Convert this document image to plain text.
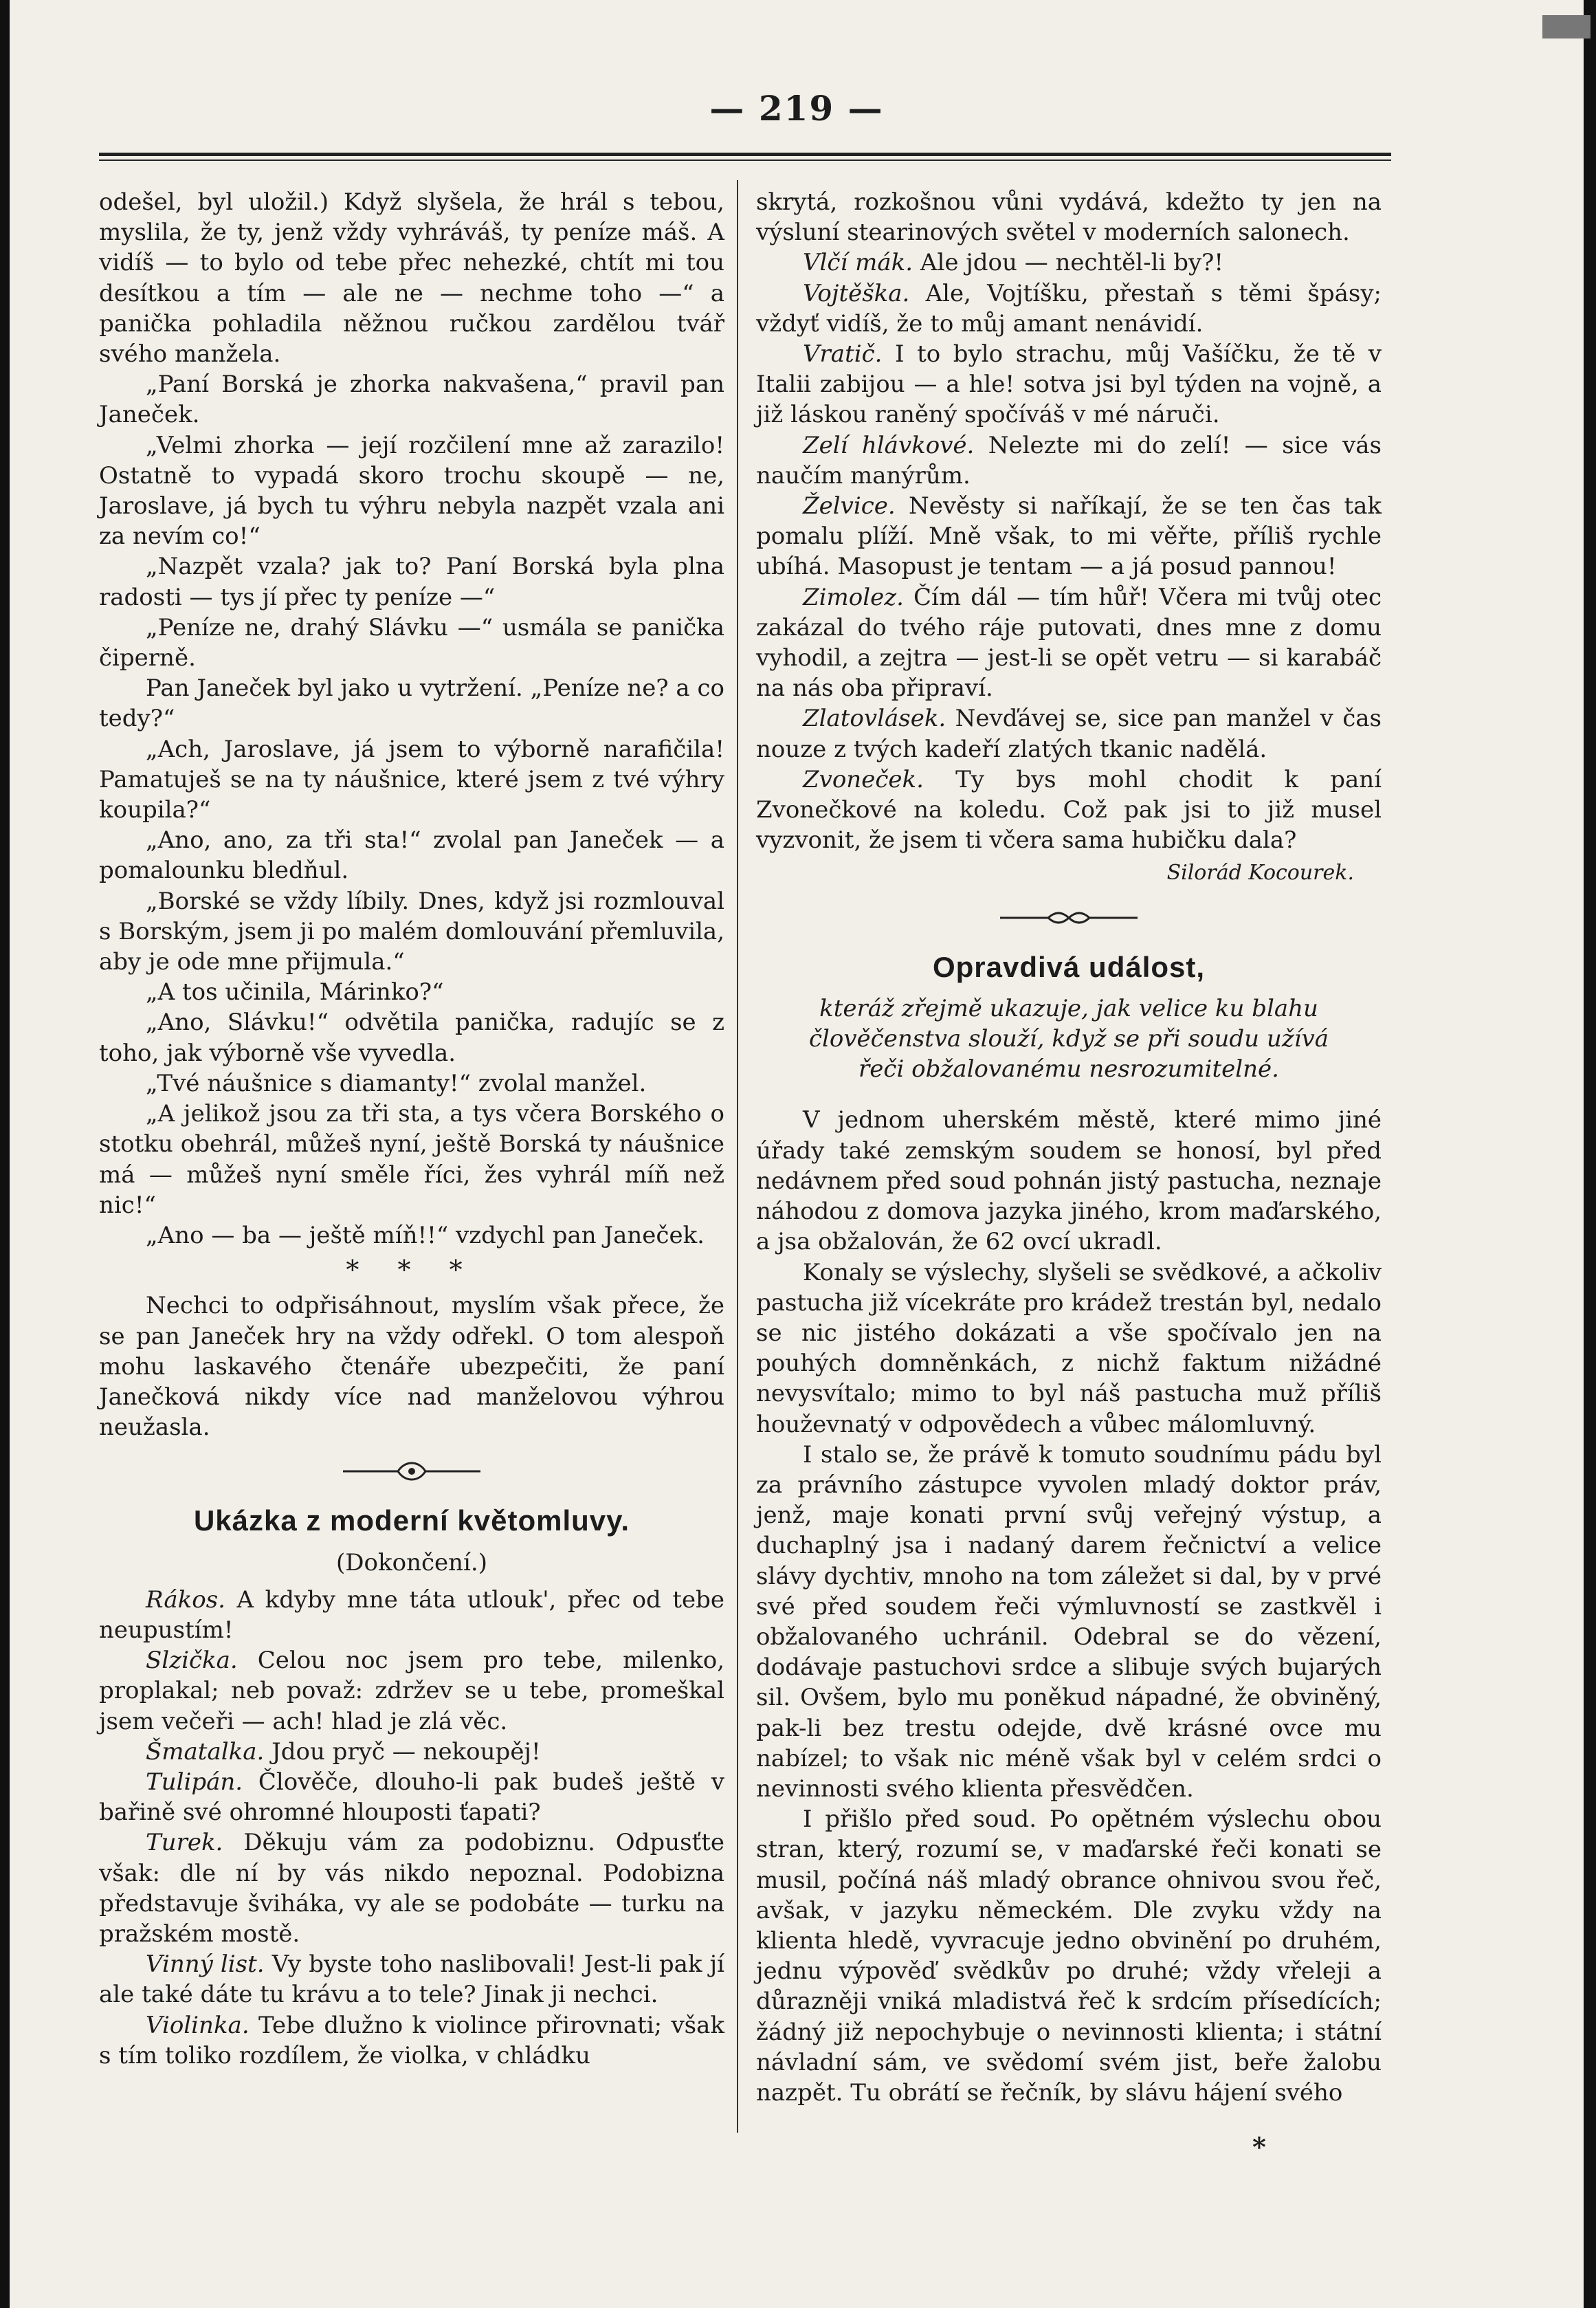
— 219 —

odešel, byl uložil.) Když slyšela, že hrál s tebou, myslila, že ty, jenž vždy vyhráváš, ty peníze máš. A vidíš — to bylo od tebe přec nehezké, chtít mi tou desítkou a tím — ale ne — nechme toho —“ a panička pohladila něžnou ručkou zardělou tvář svého manžela.

„Paní Borská je zhorka nakvašena,“ pravil pan Janeček.

„Velmi zhorka — její rozčilení mne až zarazilo! Ostatně to vypadá skoro trochu skoupě — ne, Jaroslave, já bych tu výhru nebyla nazpět vzala ani za nevím co!“

„Nazpět vzala? jak to? Paní Borská byla plna radosti — tys jí přec ty peníze —“

„Peníze ne, drahý Slávku —“ usmála se panička čiperně.

Pan Janeček byl jako u vytržení. „Peníze ne? a co tedy?“

„Ach, Jaroslave, já jsem to výborně narafičila! Pamatuješ se na ty náušnice, které jsem z tvé výhry koupila?“

„Ano, ano, za tři sta!“ zvolal pan Janeček — a pomalounku bledňul.

„Borské se vždy líbily. Dnes, když jsi rozmlouval s Borským, jsem ji po malém domlouvání přemluvila, aby je ode mne přijmula.“

„A tos učinila, Márinko?“

„Ano, Slávku!“ odvětila panička, radujíc se z toho, jak výborně vše vyvedla.

„Tvé náušnice s diamanty!“ zvolal manžel.

„A jelikož jsou za tři sta, a tys včera Borského o stotku obehrál, můžeš nyní, ještě Borská ty náušnice má — můžeš nyní směle říci, žes vyhrál míň než nic!“

„Ano — ba — ještě míň!!“ vzdychl pan Janeček.

* * *

Nechci to odpřisáhnout, myslím však přece, že se pan Janeček hry na vždy odřekl. O tom alespoň mohu laskavého čtenáře ubezpečiti, že paní Janečková nikdy více nad manželovou výhrou neužasla.

Ukázka z moderní květomluvy.
(Dokončení.)

Rákos. A kdyby mne táta utlouk', přec od tebe neupustím!

Slzička. Celou noc jsem pro tebe, milenko, proplakal; neb považ: zdržev se u tebe, promeškal jsem večeři — ach! hlad je zlá věc.

Šmatalka. Jdou pryč — nekoupěj!

Tulipán. Člověče, dlouho-li pak budeš ještě v bařině své ohromné hlouposti ťapati?

Turek. Děkuju vám za podobiznu. Odpusťte však: dle ní by vás nikdo nepoznal. Podobizna představuje šviháka, vy ale se podobáte — turku na pražském mostě.

Vinný list. Vy byste toho naslibovali! Jest-li pak jí ale také dáte tu krávu a to tele? Jinak ji nechci.

Violinka. Tebe dlužno k violince přirovnati; však s tím toliko rozdílem, že violka, v chládku

skrytá, rozkošnou vůni vydává, kdežto ty jen na výsluní stearinových světel v moderních salonech.

Vlčí mák. Ale jdou — nechtěl-li by?!

Vojtěška. Ale, Vojtíšku, přestaň s těmi špásy; vždyť vidíš, že to můj amant nenávidí.

Vratič. I to bylo strachu, můj Vašíčku, že tě v Italii zabijou — a hle! sotva jsi byl týden na vojně, a již láskou raněný spočíváš v mé náruči.

Zelí hlávkové. Nelezte mi do zelí! — sice vás naučím manýrům.

Želvice. Nevěsty si naříkají, že se ten čas tak pomalu plíží. Mně však, to mi věřte, příliš rychle ubíhá. Masopust je tentam — a já posud pannou!

Zimolez. Čím dál — tím hůř! Včera mi tvůj otec zakázal do tvého ráje putovati, dnes mne z domu vyhodil, a zejtra — jest-li se opět vetru — si karabáč na nás oba připraví.

Zlatovlásek. Nevďávej se, sice pan manžel v čas nouze z tvých kadeří zlatých tkanic nadělá.

Zvoneček. Ty bys mohl chodit k paní Zvonečkové na koledu. Což pak jsi to již musel vyzvonit, že jsem ti včera sama hubičku dala?

Silorád Kocourek.
Opravdivá událost,
kteráž zřejmě ukazuje, jak velice ku blahu člověčenstva slouží, když se při soudu užívá řeči obžalovanému nesrozumitelné.

V jednom uherském městě, které mimo jiné úřady také zemským soudem se honosí, byl před nedávnem před soud pohnán jistý pastucha, neznaje náhodou z domova jazyka jiného, krom maďarského, a jsa obžalován, že 62 ovcí ukradl.

Konaly se výslechy, slyšeli se svědkové, a ačkoliv pastucha již vícekráte pro krádež trestán byl, nedalo se nic jistého dokázati a vše spočívalo jen na pouhých domněnkách, z nichž faktum nižádné nevysvítalo; mimo to byl náš pastucha muž příliš houževnatý v odpovědech a vůbec málomluvný.

I stalo se, že právě k tomuto soudnímu pádu byl za právního zástupce vyvolen mladý doktor práv, jenž, maje konati první svůj veřejný výstup, a duchaplný jsa i nadaný darem řečnictví a velice slávy dychtiv, mnoho na tom záležet si dal, by v prvé své před soudem řeči výmluvností se zastkvěl i obžalovaného uchránil. Odebral se do vězení, dodávaje pastuchovi srdce a slibuje svých bujarých sil. Ovšem, bylo mu poněkud nápadné, že obviněný, pak-li bez trestu odejde, dvě krásné ovce mu nabízel; to však nic méně však byl v celém srdci o nevinnosti svého klienta přesvědčen.

I přišlo před soud. Po opětném výslechu obou stran, který, rozumí se, v maďarské řeči konati se musil, počíná náš mladý obrance ohnivou svou řeč, avšak, v jazyku německém. Dle zvyku vždy na klienta hledě, vyvracuje jedno obvinění po druhém, jednu výpověď svědkův po druhé; vždy vřeleji a důrazněji vniká mladistvá řeč k srdcím přísedících; žádný již nepochybuje o nevinnosti klienta; i státní návladní sám, ve svědomí svém jist, beře žalobu nazpět. Tu obrátí se řečník, by slávu hájení svého

*
